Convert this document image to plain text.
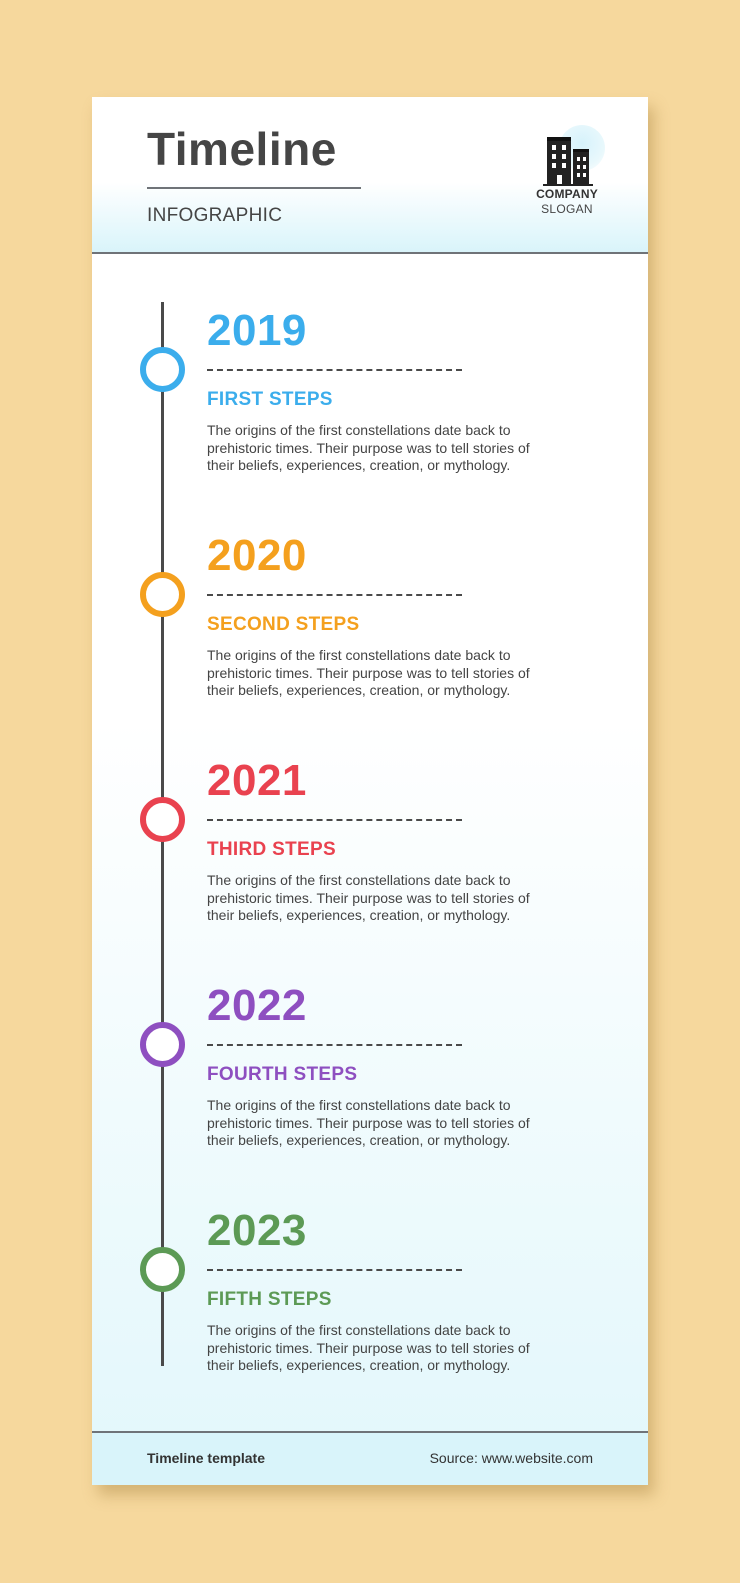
Timeline
INFOGRAPHIC
COMPANY
SLOGAN
2019
FIRST STEPS

The origins of the first constellations date back to prehistoric times. Their purpose was to tell stories of their beliefs, experiences, creation, or mythology.

2020
SECOND STEPS

The origins of the first constellations date back to prehistoric times. Their purpose was to tell stories of their beliefs, experiences, creation, or mythology.

2021
THIRD STEPS

The origins of the first constellations date back to prehistoric times. Their purpose was to tell stories of their beliefs, experiences, creation, or mythology.

2022
FOURTH STEPS

The origins of the first constellations date back to prehistoric times. Their purpose was to tell stories of their beliefs, experiences, creation, or mythology.

2023
FIFTH STEPS

The origins of the first constellations date back to prehistoric times. Their purpose was to tell stories of their beliefs, experiences, creation, or mythology.

Timeline template	Source: www.website.com
